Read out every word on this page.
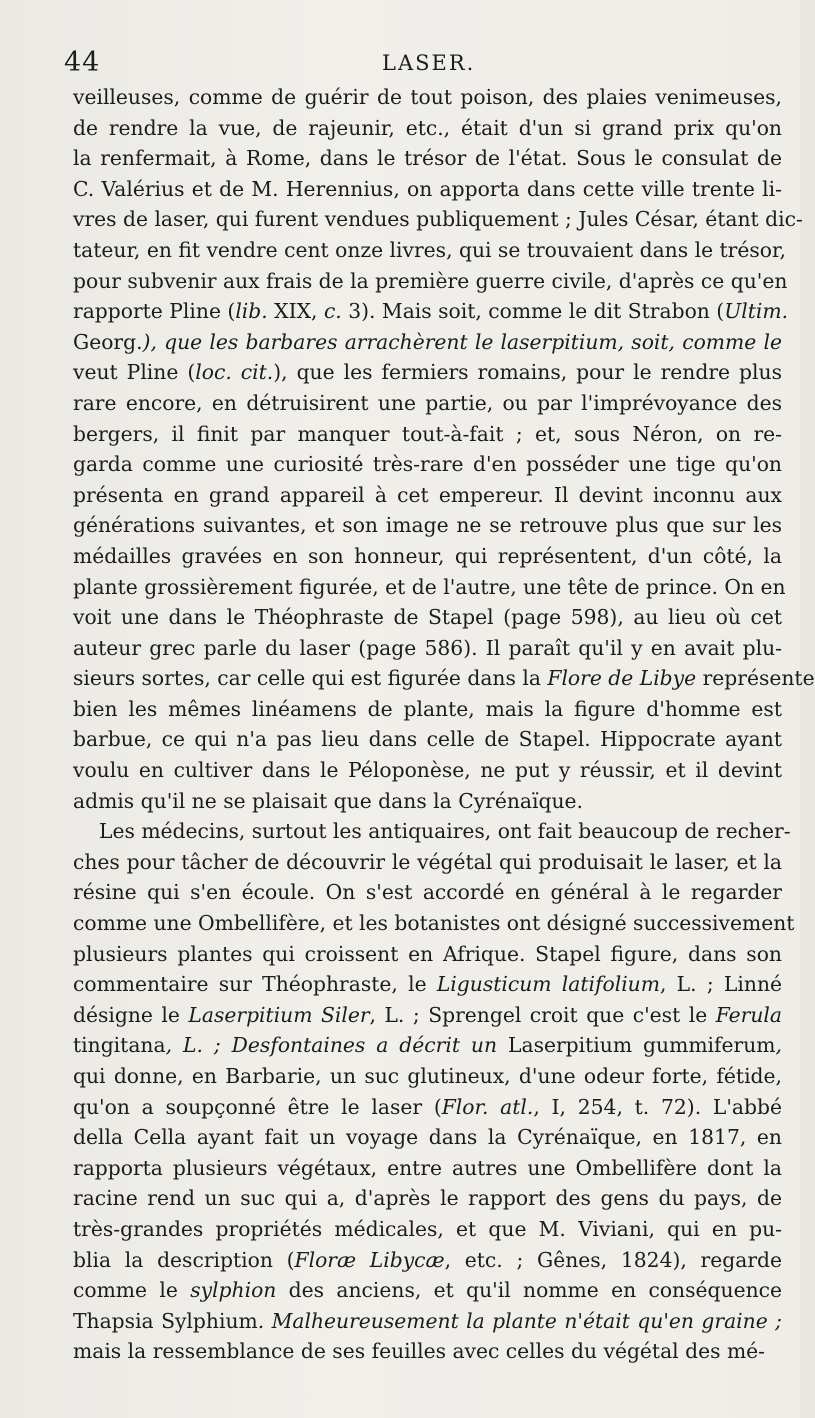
44	LASER.
veilleuses, comme de guérir de tout poison, des plaies venimeuses,
de rendre la vue, de rajeunir, etc., était d'un si grand prix qu'on
la renfermait, à Rome, dans le trésor de l'état. Sous le consulat de
C. Valérius et de M. Herennius, on apporta dans cette ville trente li-
vres de laser, qui furent vendues publiquement ; Jules César, étant dic-
tateur, en fit vendre cent onze livres, qui se trouvaient dans le trésor,
pour subvenir aux frais de la première guerre civile, d'après ce qu'en
rapporte Pline (lib. XIX, c. 3). Mais soit, comme le dit Strabon (Ultim.
Georg.), que les barbares arrachèrent le laserpitium, soit, comme le
veut Pline (loc. cit.), que les fermiers romains, pour le rendre plus
rare encore, en détruisirent une partie, ou par l'imprévoyance des
bergers, il finit par manquer tout-à-fait ; et, sous Néron, on re-
garda comme une curiosité très-rare d'en posséder une tige qu'on
présenta en grand appareil à cet empereur. Il devint inconnu aux
générations suivantes, et son image ne se retrouve plus que sur les
médailles gravées en son honneur, qui représentent, d'un côté, la
plante grossièrement figurée, et de l'autre, une tête de prince. On en
voit une dans le Théophraste de Stapel (page 598), au lieu où cet
auteur grec parle du laser (page 586). Il paraît qu'il y en avait plu-
sieurs sortes, car celle qui est figurée dans la Flore de Libye représente
bien les mêmes linéamens de plante, mais la figure d'homme est
barbue, ce qui n'a pas lieu dans celle de Stapel. Hippocrate ayant
voulu en cultiver dans le Péloponèse, ne put y réussir, et il devint
admis qu'il ne se plaisait que dans la Cyrénaïque.
Les médecins, surtout les antiquaires, ont fait beaucoup de recher-
ches pour tâcher de découvrir le végétal qui produisait le laser, et la
résine qui s'en écoule. On s'est accordé en général à le regarder
comme une Ombellifère, et les botanistes ont désigné successivement
plusieurs plantes qui croissent en Afrique. Stapel figure, dans son
commentaire sur Théophraste, le Ligusticum latifolium, L. ; Linné
désigne le Laserpitium Siler, L. ; Sprengel croit que c'est le Ferula
tingitana, L. ; Desfontaines a décrit un Laserpitium gummiferum,
qui donne, en Barbarie, un suc glutineux, d'une odeur forte, fétide,
qu'on a soupçonné être le laser (Flor. atl., I, 254, t. 72). L'abbé
della Cella ayant fait un voyage dans la Cyrénaïque, en 1817, en
rapporta plusieurs végétaux, entre autres une Ombellifère dont la
racine rend un suc qui a, d'après le rapport des gens du pays, de
très-grandes propriétés médicales, et que M. Viviani, qui en pu-
blia la description (Floræ Libycæ, etc. ; Gênes, 1824), regarde
comme le sylphion des anciens, et qu'il nomme en conséquence
Thapsia Sylphium. Malheureusement la plante n'était qu'en graine ;
mais la ressemblance de ses feuilles avec celles du végétal des mé-
